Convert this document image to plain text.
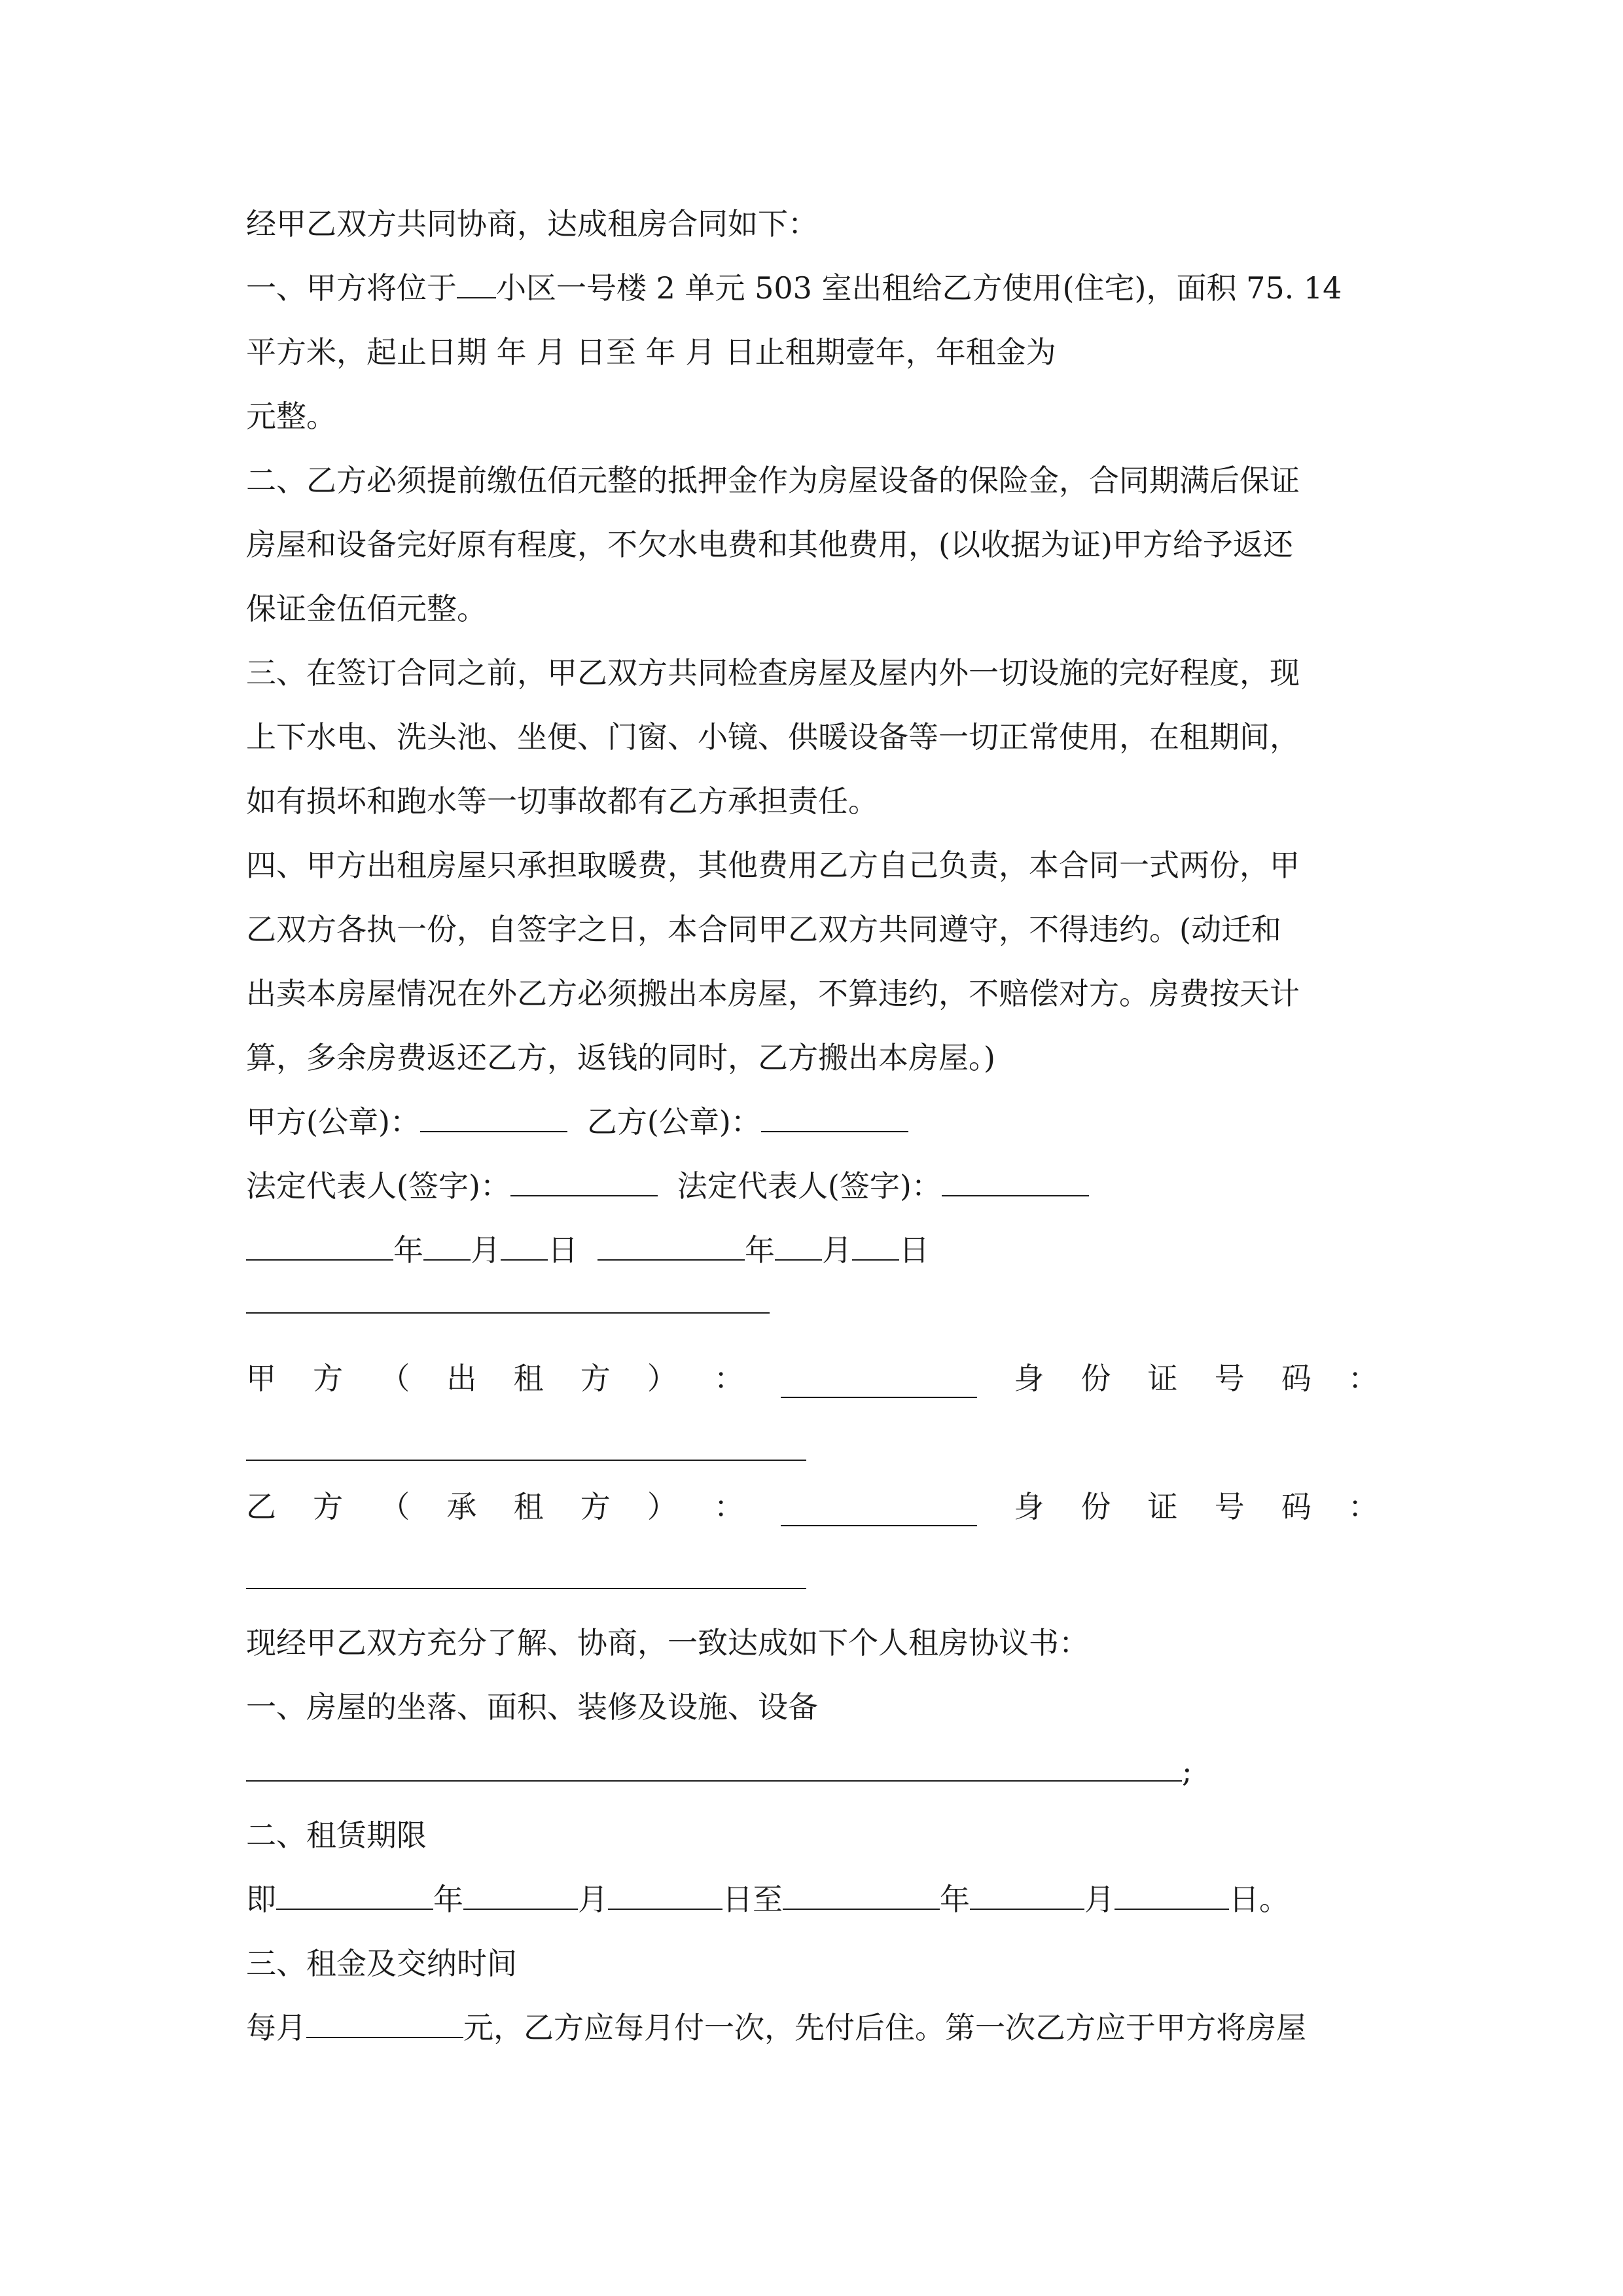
经甲乙双方共同协商，达成租房合同如下：
一、甲方将位于 小区一号楼 2 单元 503 室出租给乙方使用(住宅)，面积 75. 14
平方米，起止日期 年 月 日至 年 月 日止租期壹年，年租金为
元整。
二、乙方必须提前缴伍佰元整的抵押金作为房屋设备的保险金，合同期满后保证
房屋和设备完好原有程度，不欠水电费和其他费用，(以收据为证)甲方给予返还
保证金伍佰元整。
三、在签订合同之前，甲乙双方共同检查房屋及屋内外一切设施的完好程度，现
上下水电、洗头池、坐便、门窗、小镜、供暖设备等一切正常使用，在租期间，
如有损坏和跑水等一切事故都有乙方承担责任。
四、甲方出租房屋只承担取暖费，其他费用乙方自己负责，本合同一式两份，甲
乙双方各执一份，自签字之日，本合同甲乙双方共同遵守，不得违约。(动迁和
出卖本房屋情况在外乙方必须搬出本房屋，不算违约，不赔偿对方。房费按天计
算，多余房费返还乙方，返钱的同时，乙方搬出本房屋。)
甲方(公章)：	乙方(公章)：
法定代表人(签字)：	法定代表人(签字)：
年 月 日	年 月 日
甲 方 （ 出 租 方 ） ：	身 份 证 号 码 ：
乙 方 （ 承 租 方 ） ：	身 份 证 号 码 ：
现经甲乙双方充分了解、协商，一致达成如下个人租房协议书：
一、房屋的坐落、面积、装修及设施、设备
;
二、租赁期限
即	年	月	日至	年	月	日。
三、租金及交纳时间
每月	元，乙方应每月付一次，先付后住。第一次乙方应于甲方将房屋
